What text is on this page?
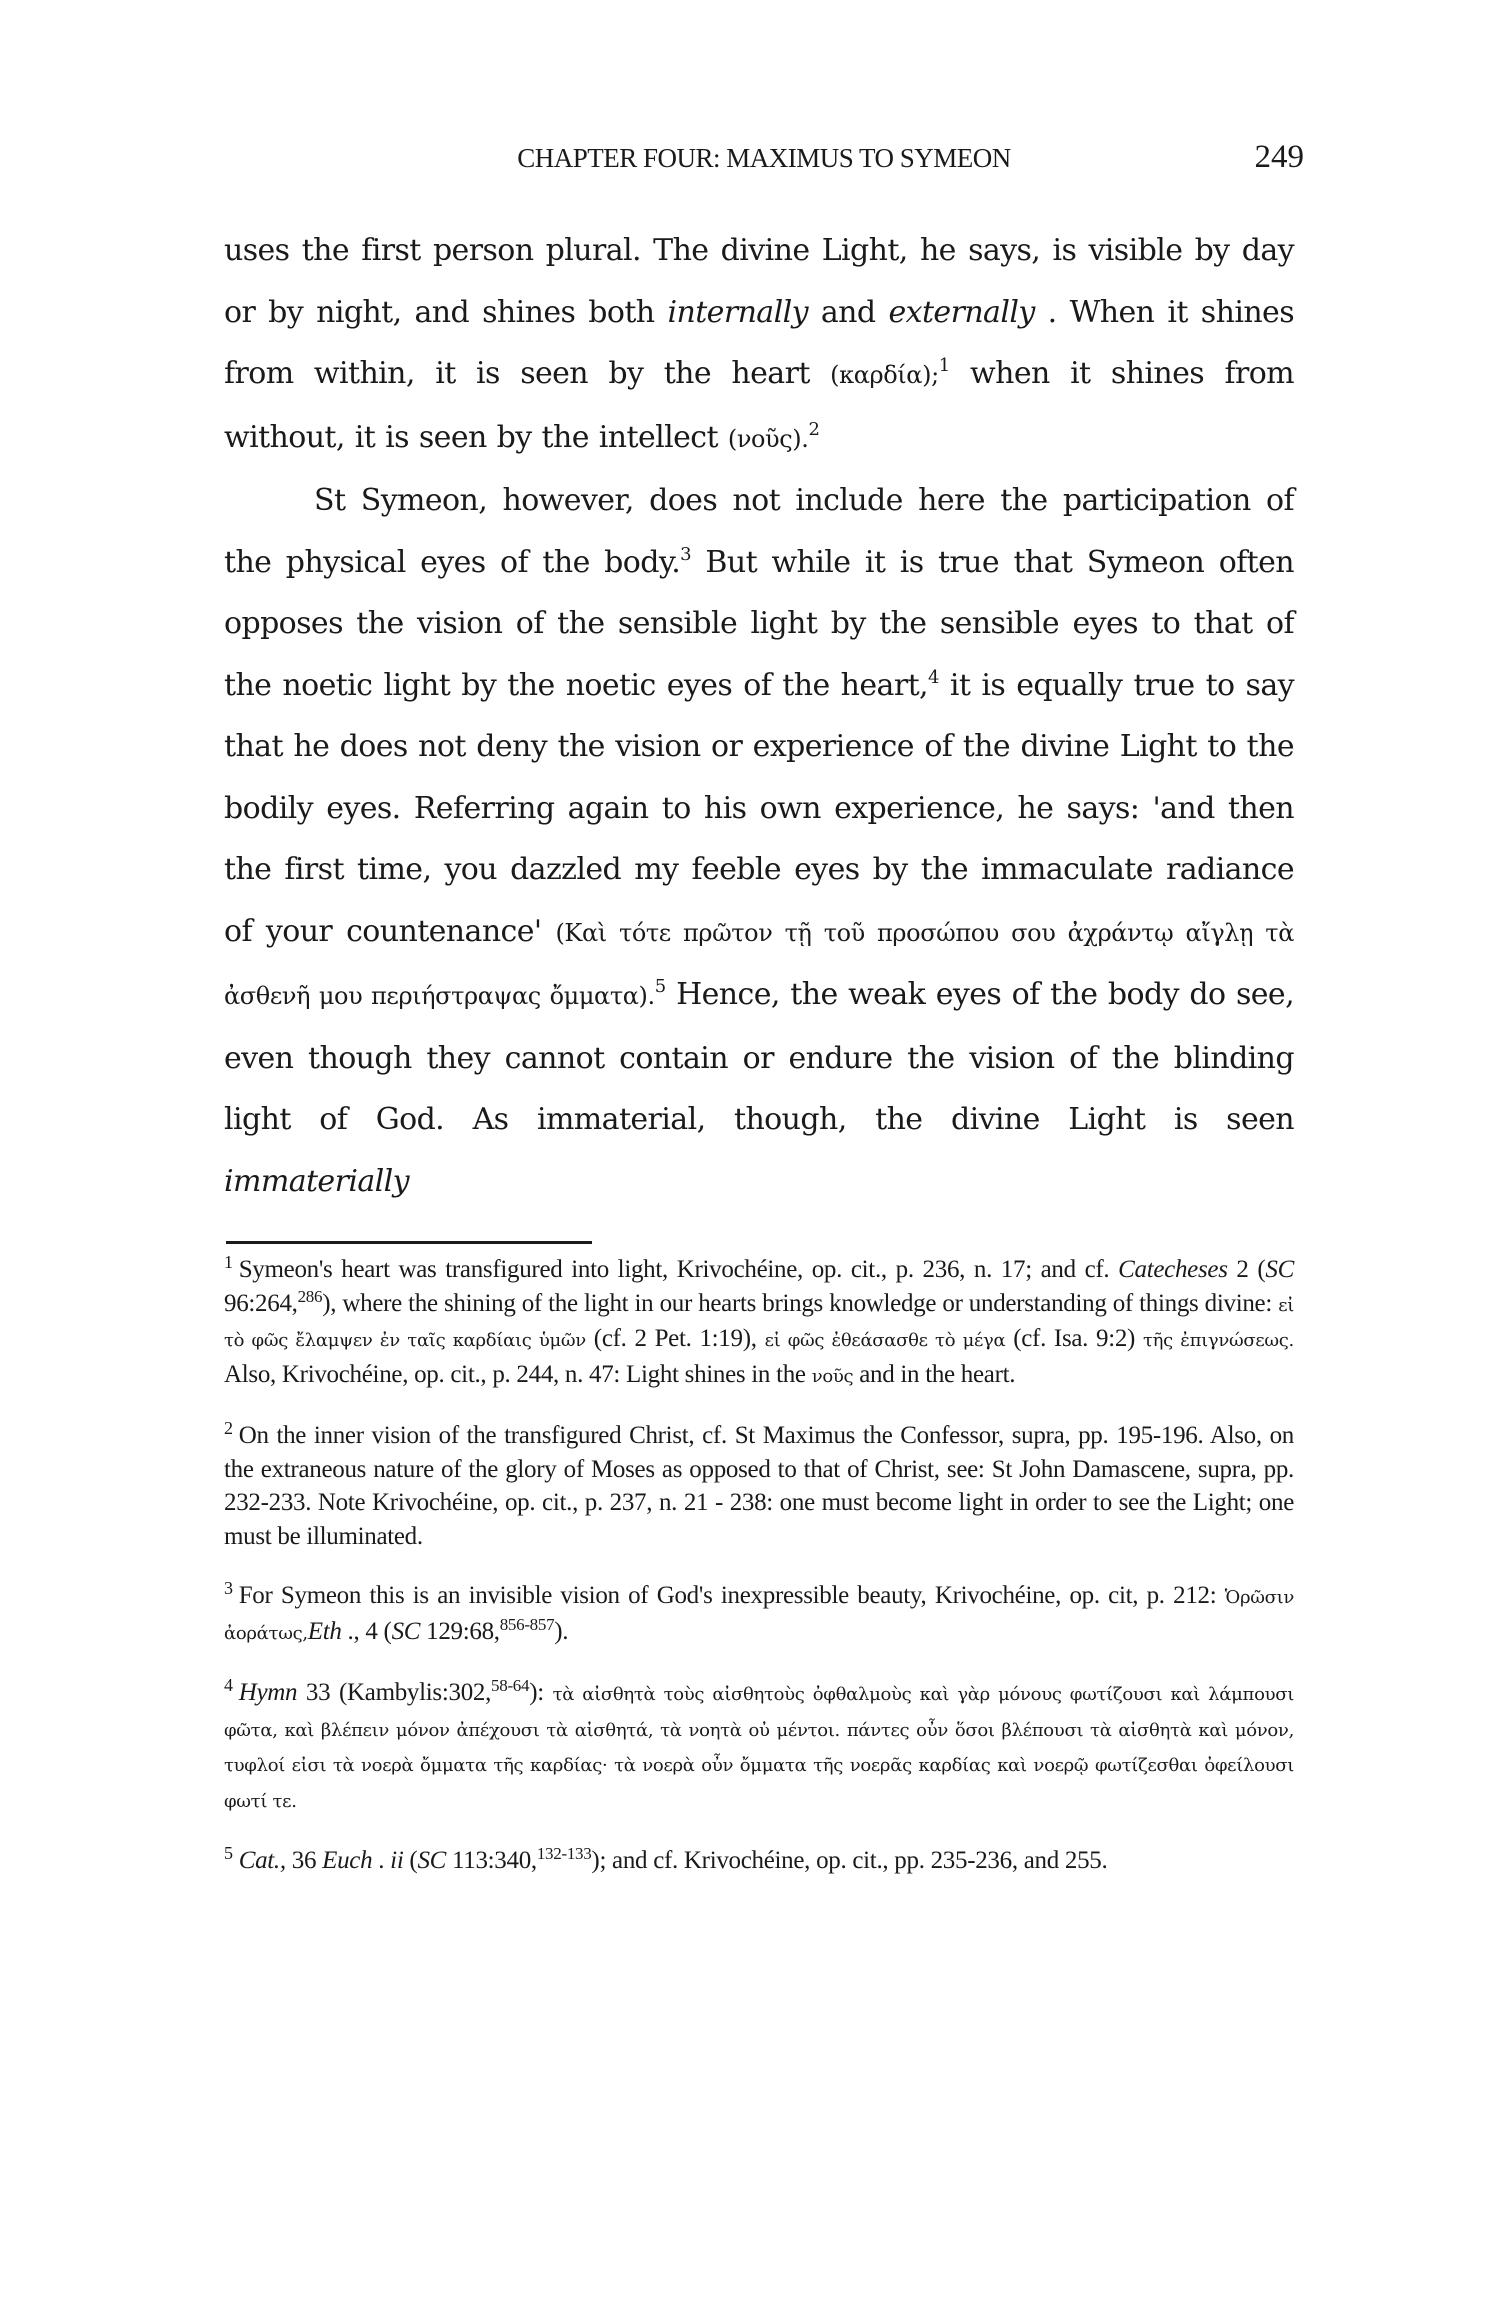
CHAPTER FOUR: MAXIMUS TO SYMEON	249

uses the first person plural. The divine Light, he says, is visible by day or by night, and shines both internally and externally . When it shines from within, it is seen by the heart (καρδία);$^1$ when it shines from without, it is seen by the intellect (νοῦς).$^2$

St Symeon, however, does not include here the participation of the physical eyes of the body.$^3$ But while it is true that Symeon often opposes the vision of the sensible light by the sensible eyes to that of the noetic light by the noetic eyes of the heart,$^4$ it is equally true to say that he does not deny the vision or experience of the divine Light to the bodily eyes. Referring again to his own experience, he says: 'and then the first time, you dazzled my feeble eyes by the immaculate radiance of your countenance' (Καὶ τότε πρῶτον τῇ τοῦ προσώπου σου ἀχράντῳ αἴγλῃ τὰ ἀσθενῆ μου περιήστραψας ὄμματα).$^5$ Hence, the weak eyes of the body do see, even though they cannot contain or endure the vision of the blinding light of God. As immaterial, though, the divine Light is seen immaterially

$^1$ Symeon's heart was transfigured into light, Krivochéine, op. cit., p. 236, n. 17; and cf. Catecheses 2 (SC 96:264,$^{286}$), where the shining of the light in our hearts brings knowledge or understanding of things divine: εἰ τὸ φῶς ἔλαμψεν ἐν ταῖς καρδίαις ὑμῶν (cf. 2 Pet. 1:19), εἰ φῶς ἐθεάσασθε τὸ μέγα (cf. Isa. 9:2) τῆς ἐπιγνώσεως. Also, Krivochéine, op. cit., p. 244, n. 47: Light shines in the νοῦς and in the heart.

$^2$ On the inner vision of the transfigured Christ, cf. St Maximus the Confessor, supra, pp. 195-196. Also, on the extraneous nature of the glory of Moses as opposed to that of Christ, see: St John Damascene, supra, pp. 232-233. Note Krivochéine, op. cit., p. 237, n. 21 - 238: one must become light in order to see the Light; one must be illuminated.

$^3$ For Symeon this is an invisible vision of God's inexpressible beauty, Krivochéine, op. cit, p. 212: Ὁρῶσιν ἀοράτως,Eth ., 4 (SC 129:68,$^{856-857}$).

$^4$ Hymn 33 (Kambylis:302,$^{58-64}$): τὰ αἰσθητὰ τοὺς αἰσθητοὺς ὀφθαλμοὺς καὶ γὰρ μόνους φωτίζουσι καὶ λάμπουσι φῶτα, καὶ βλέπειν μόνον ἀπέχουσι τὰ αἰσθητά, τὰ νοητὰ οὐ μέντοι. πάντες οὖν ὅσοι βλέπουσι τὰ αἰσθητὰ καὶ μόνον, τυφλοί εἰσι τὰ νοερὰ ὄμματα τῆς καρδίας· τὰ νοερὰ οὖν ὄμματα τῆς νοερᾶς καρδίας καὶ νοερῷ φωτίζεσθαι ὀφείλουσι φωτί τε.

$^5$ Cat., 36 Euch . ii (SC 113:340,$^{132-133}$); and cf. Krivochéine, op. cit., pp. 235-236, and 255.
